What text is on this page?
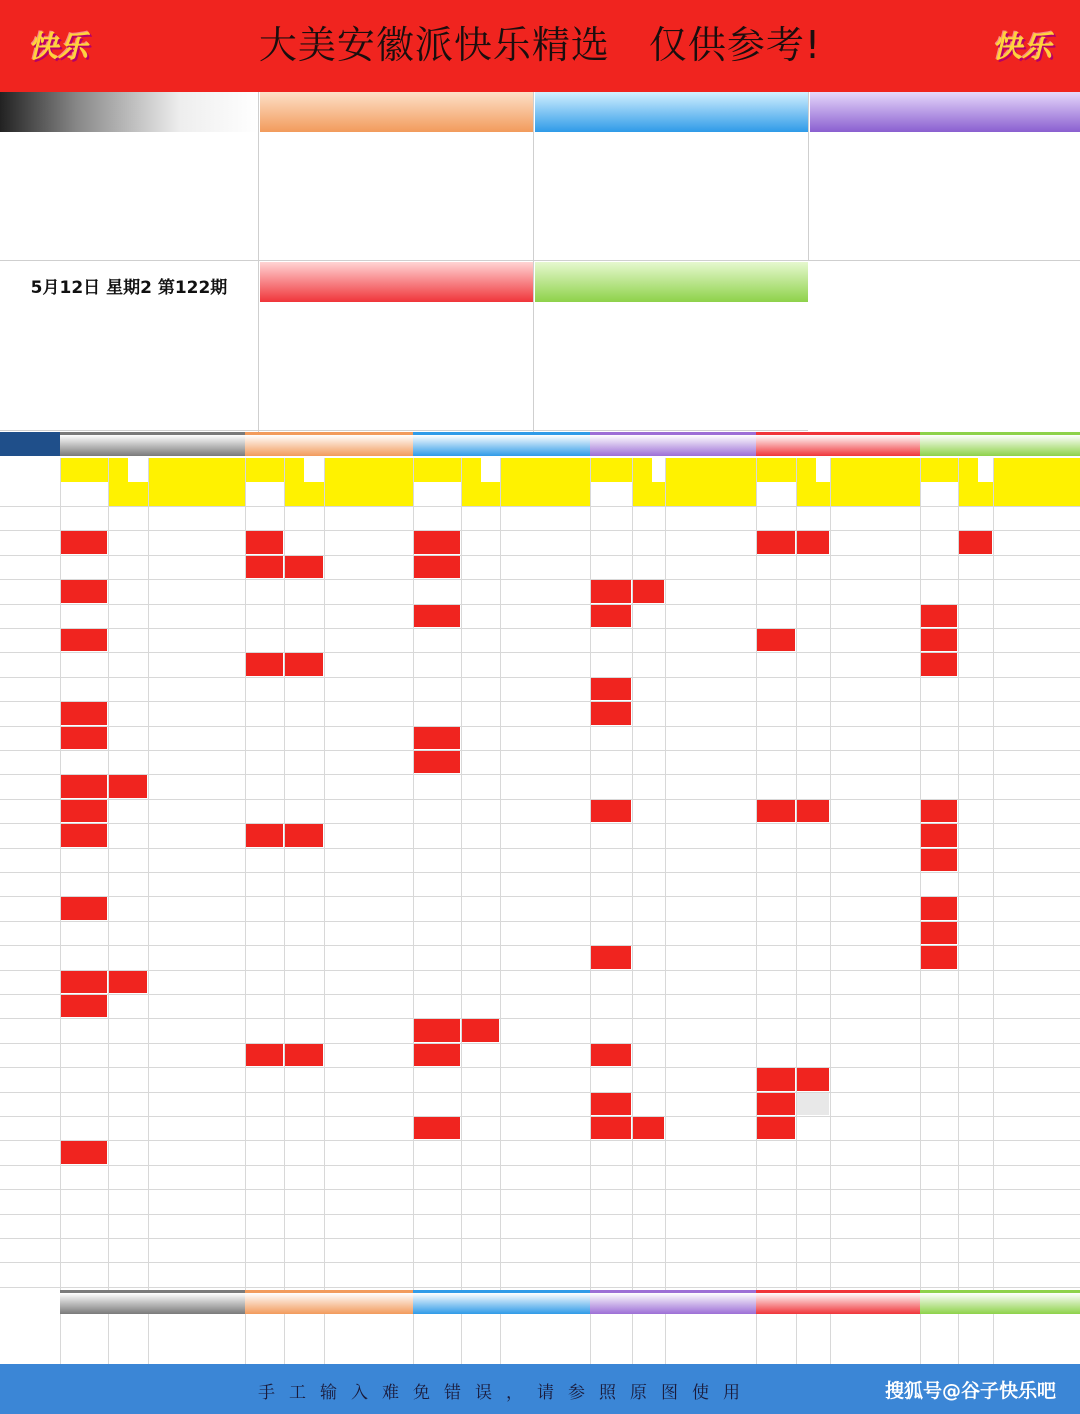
快乐	大美安徽派快乐精选　仅供参考!	快乐
5月12日 星期2 第122期
手工输入难免错误，请参照原图使用	搜狐号@谷子快乐吧
